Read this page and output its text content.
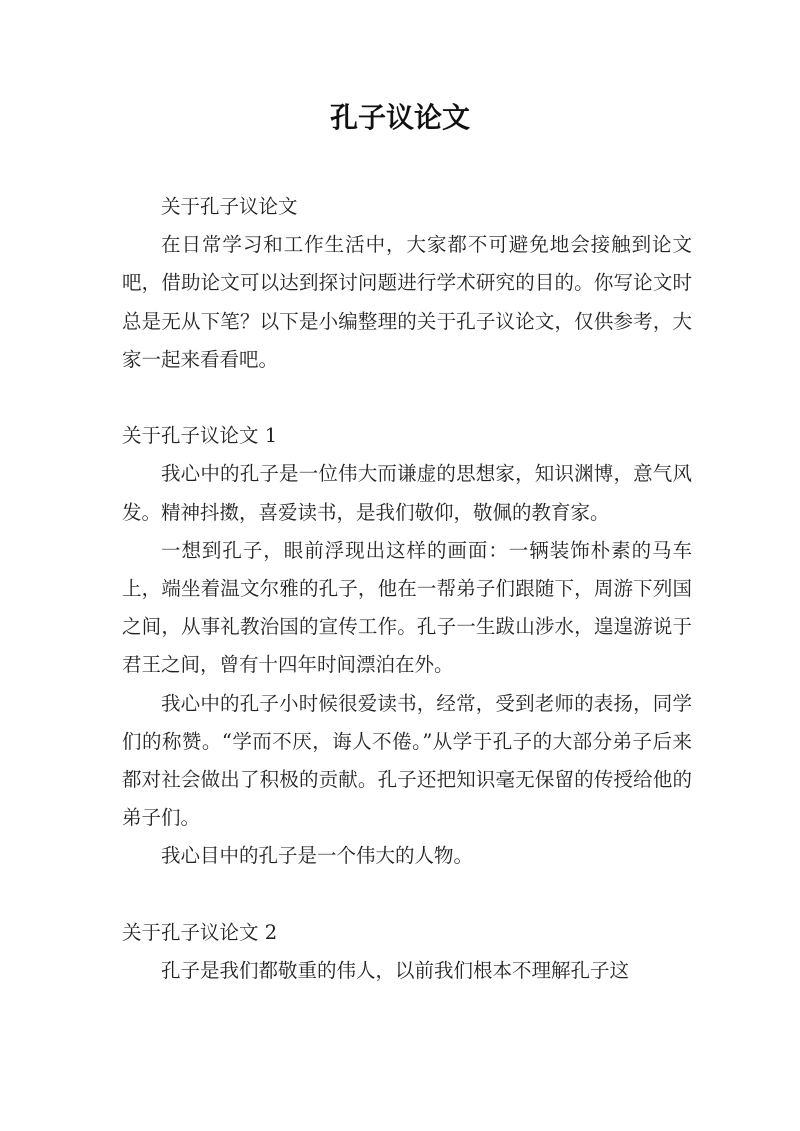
孔子议论文

关于孔子议论文

在日常学习和工作生活中，大家都不可避免地会接触到论文吧，借助论文可以达到探讨问题进行学术研究的目的。你写论文时总是无从下笔？以下是小编整理的关于孔子议论文，仅供参考，大家一起来看看吧。

关于孔子议论文 1

我心中的孔子是一位伟大而谦虚的思想家，知识渊博，意气风发。精神抖擞，喜爱读书，是我们敬仰，敬佩的教育家。

一想到孔子，眼前浮现出这样的画面：一辆装饰朴素的马车上，端坐着温文尔雅的孔子，他在一帮弟子们跟随下，周游下列国之间，从事礼教治国的宣传工作。孔子一生跋山涉水，遑遑游说于君王之间，曾有十四年时间漂泊在外。

我心中的孔子小时候很爱读书，经常，受到老师的表扬，同学们的称赞。“学而不厌，诲人不倦。”从学于孔子的大部分弟子后来都对社会做出了积极的贡献。孔子还把知识毫无保留的传授给他的弟子们。

我心目中的孔子是一个伟大的人物。

关于孔子议论文 2

孔子是我们都敬重的伟人，以前我们根本不理解孔子这
